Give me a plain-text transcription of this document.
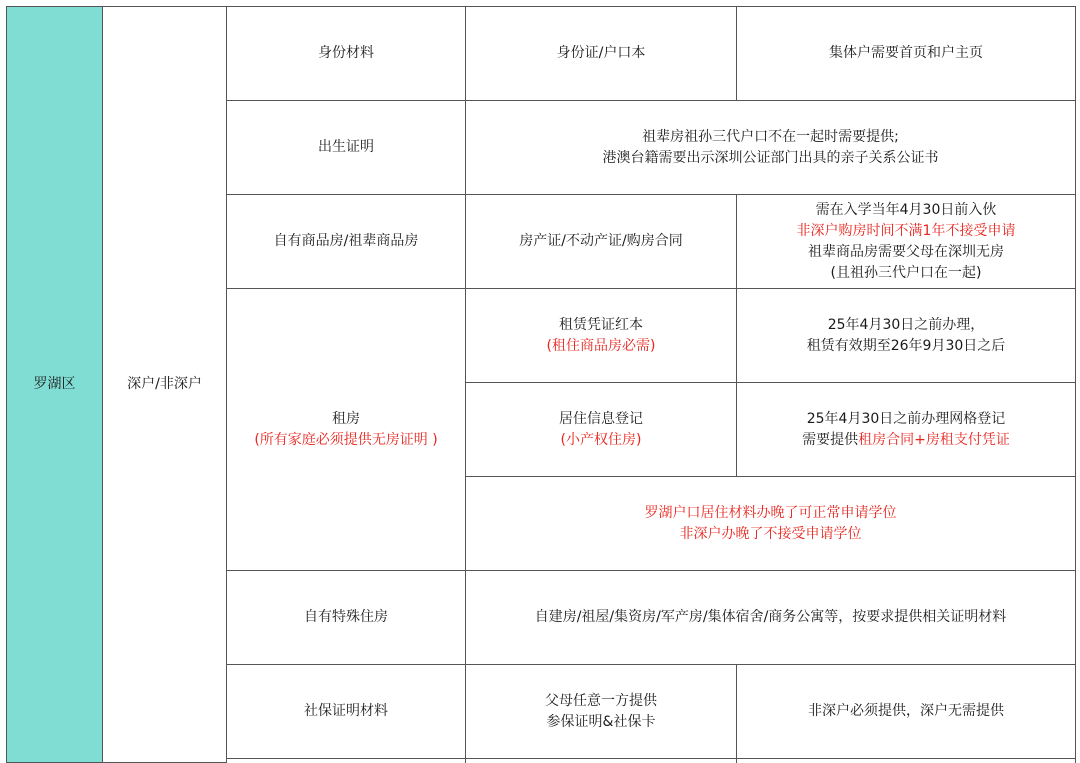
罗湖区	深户/非深户	身份材料	身份证/户口本	集体户需要首页和户主页
		出生证明	祖辈房祖孙三代户口不在一起时需要提供;
港澳台籍需要出示深圳公证部门出具的亲子关系公证书	

		自有商品房/祖辈商品房	房产证/不动产证/购房合同	需在入学当年4月30日前入伙
非深户购房时间不满1年不接受申请
祖辈商品房需要父母在深圳无房
(且祖孙三代户口在一起)

		租房
(所有家庭必须提供无房证明 )	租赁凭证红本
(租住商品房必需)	25年4月30日之前办理，
租赁有效期至26年9月30日之后

			居住信息登记
(小产权住房)	25年4月30日之前办理网格登记
需要提供租房合同+房租支付凭证

			罗湖户口居住材料办晚了可正常申请学位
非深户办晚了不接受申请学位	

		自有特殊住房	自建房/祖屋/集资房/军产房/集体宿舍/商务公寓等，按要求提供相关证明材料	
		社保证明材料	父母任意一方提供
参保证明&社保卡	非深户必须提供，深户无需提供
